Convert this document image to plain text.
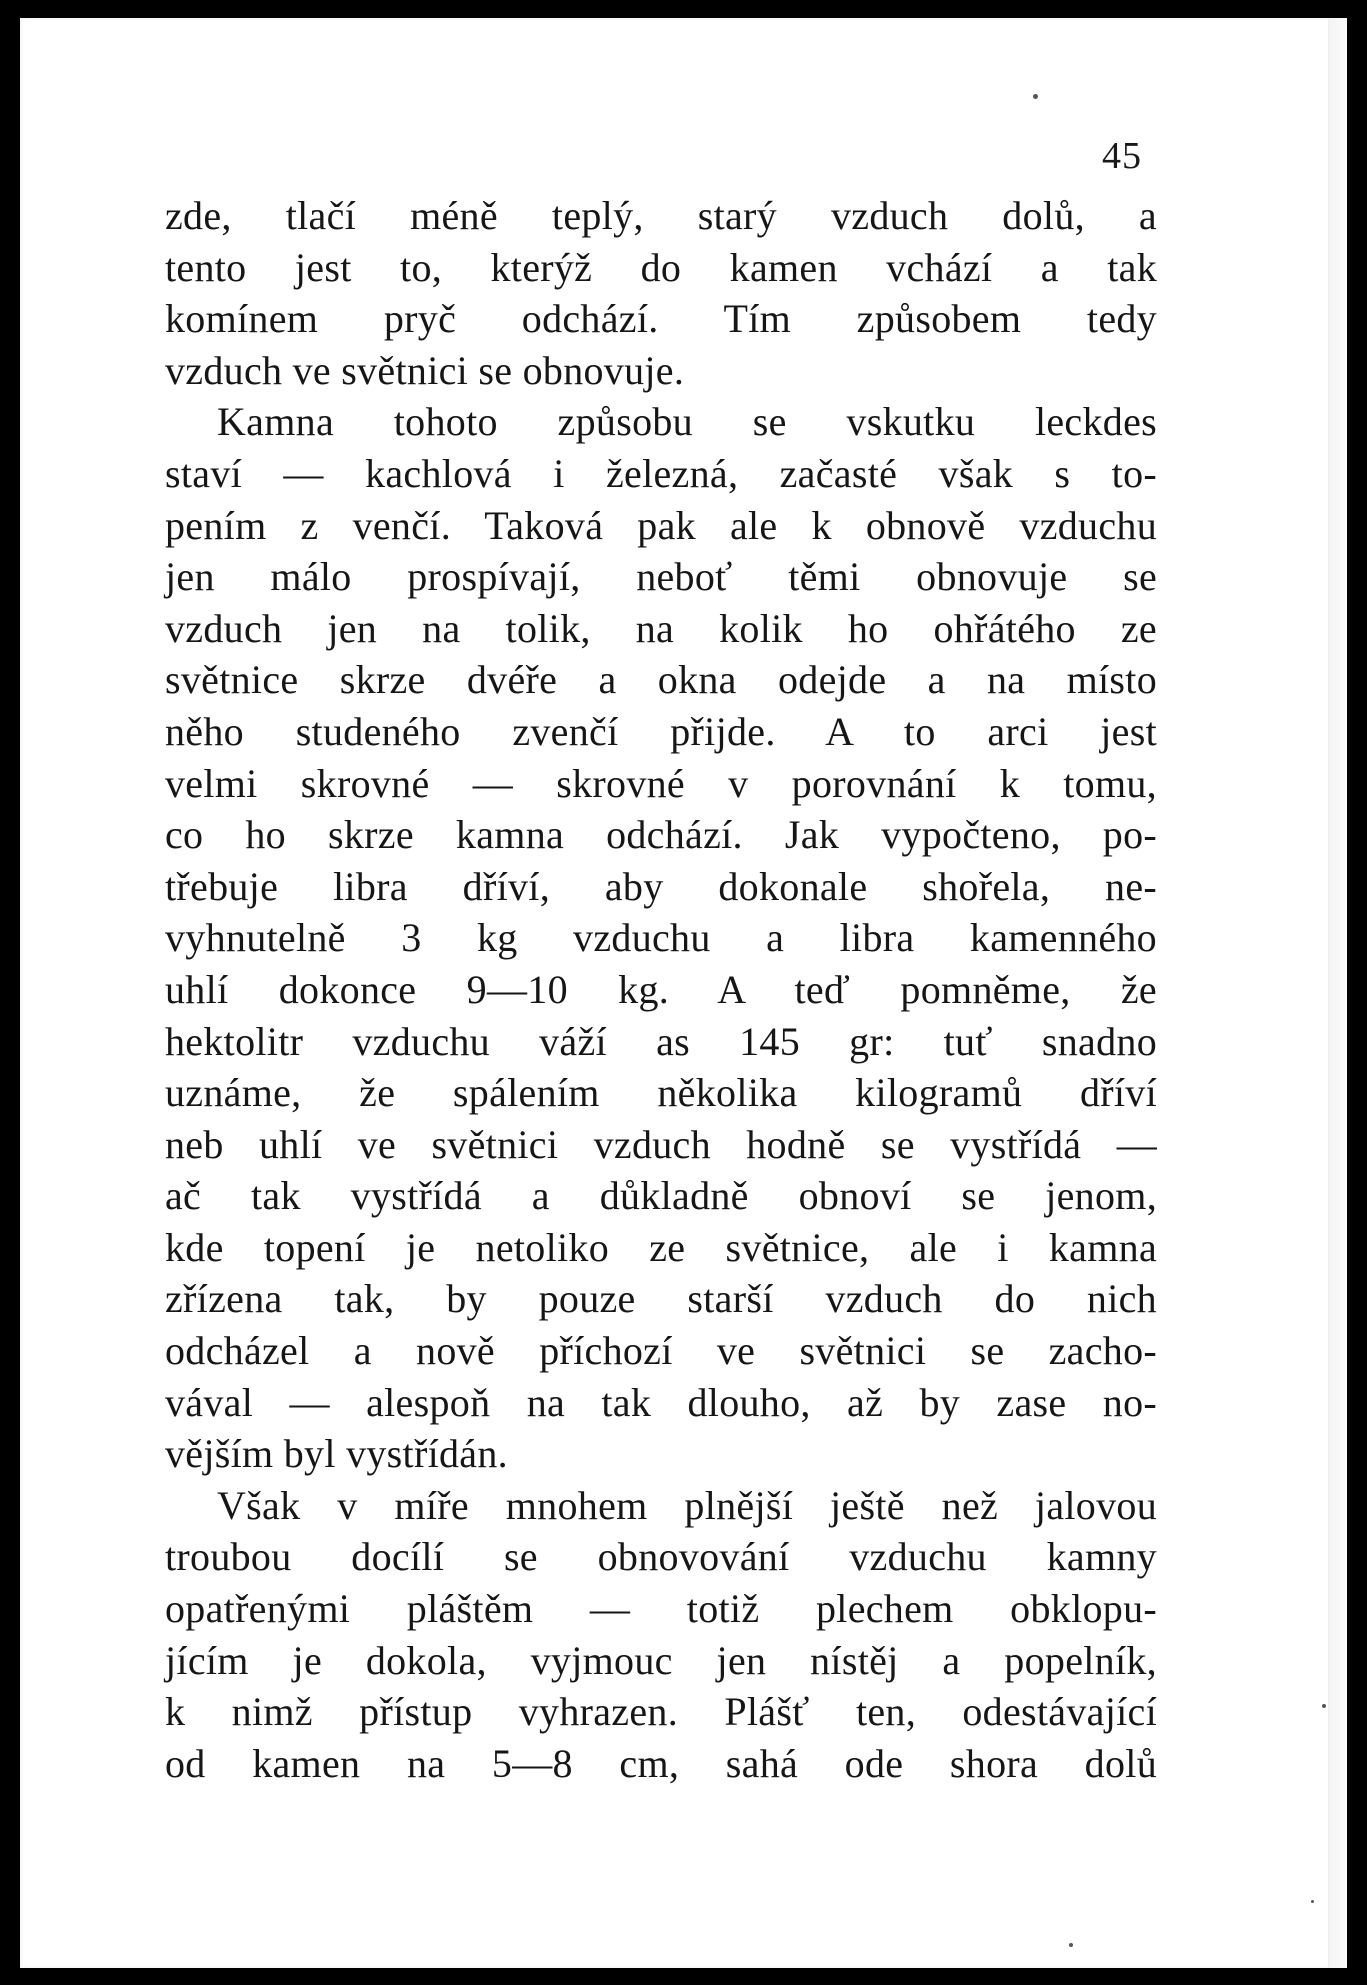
45
zde, tlačí méně teplý, starý vzduch dolů, a
tento jest to, kterýž do kamen vchází a tak
komínem pryč odchází. Tím způsobem tedy
vzduch ve světnici se obnovuje.
Kamna tohoto způsobu se vskutku leckdes
staví — kachlová i železná, začasté však s to-
pením z venčí. Taková pak ale k obnově vzduchu
jen málo prospívají, neboť těmi obnovuje se
vzduch jen na tolik, na kolik ho ohřátého ze
světnice skrze dvéře a okna odejde a na místo
něho studeného zvenčí přijde. A to arci jest
velmi skrovné — skrovné v porovnání k tomu,
co ho skrze kamna odchází. Jak vypočteno, po-
třebuje libra dříví, aby dokonale shořela, ne-
vyhnutelně 3 kg vzduchu a libra kamenného
uhlí dokonce 9—10 kg. A teď pomněme, že
hektolitr vzduchu váží as 145 gr: tuť snadno
uznáme, že spálením několika kilogramů dříví
neb uhlí ve světnici vzduch hodně se vystřídá —
ač tak vystřídá a důkladně obnoví se jenom,
kde topení je netoliko ze světnice, ale i kamna
zřízena tak, by pouze starší vzduch do nich
odcházel a nově příchozí ve světnici se zacho-
vával — alespoň na tak dlouho, až by zase no-
vějším byl vystřídán.
Však v míře mnohem plnější ještě než jalovou
troubou docílí se obnovování vzduchu kamny
opatřenými pláštěm — totiž plechem obklopu-
jícím je dokola, vyjmouc jen nístěj a popelník,
k nimž přístup vyhrazen. Plášť ten, odestávající
od kamen na 5—8 cm, sahá ode shora dolů
